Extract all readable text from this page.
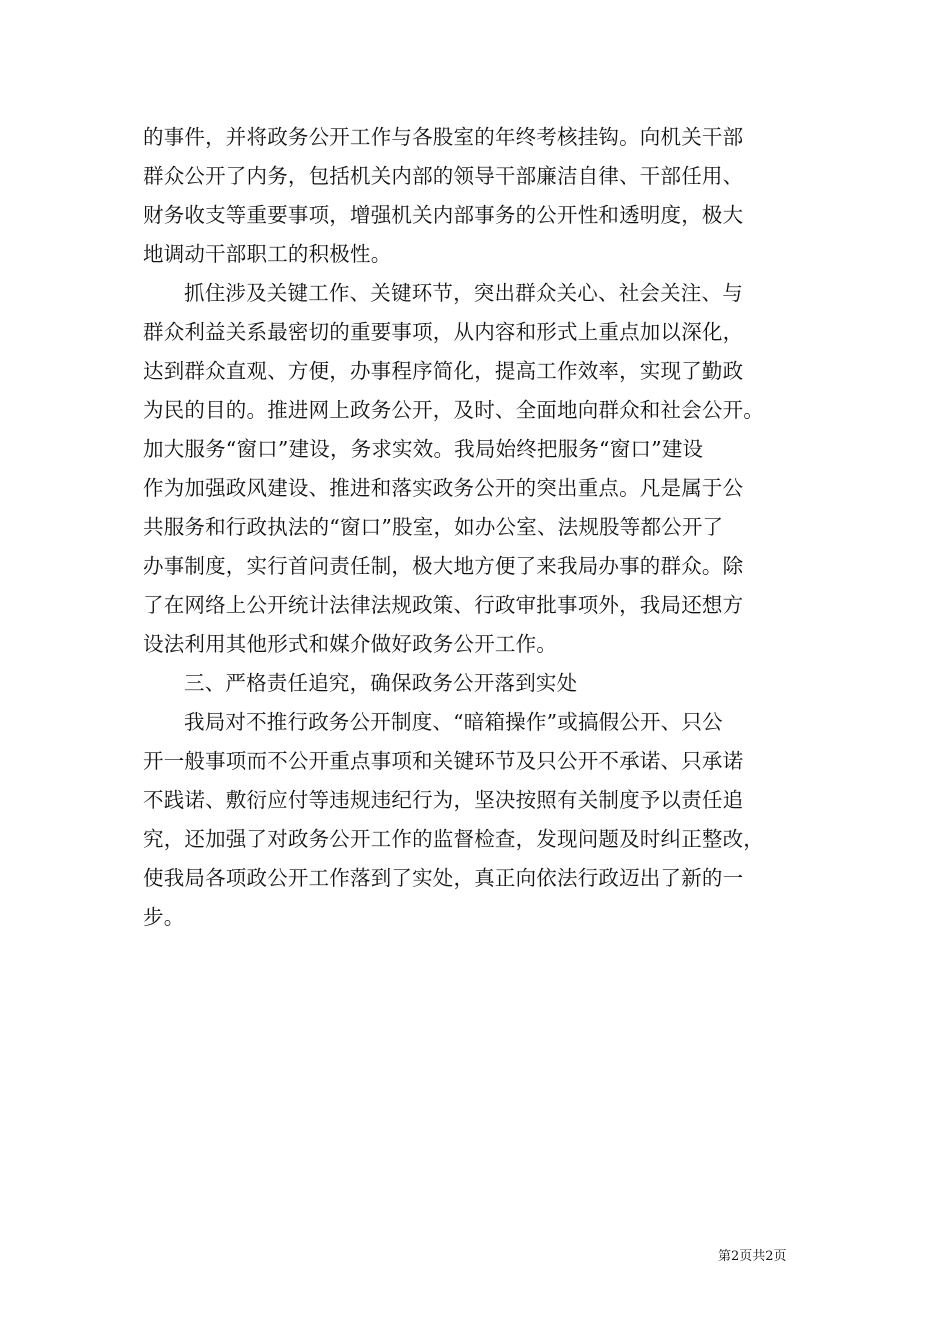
的事件，并将政务公开工作与各股室的年终考核挂钩。向机关干部
群众公开了内务，包括机关内部的领导干部廉洁自律、干部任用、
财务收支等重要事项，增强机关内部事务的公开性和透明度，极大
地调动干部职工的积极性。
抓住涉及关键工作、关键环节，突出群众关心、社会关注、与
群众利益关系最密切的重要事项，从内容和形式上重点加以深化，
达到群众直观、方便，办事程序简化，提高工作效率，实现了勤政
为民的目的。推进网上政务公开，及时、全面地向群众和社会公开。
加大服务“窗口”建设，务求实效。我局始终把服务“窗口”建设
作为加强政风建设、推进和落实政务公开的突出重点。凡是属于公
共服务和行政执法的“窗口”股室，如办公室、法规股等都公开了
办事制度，实行首问责任制，极大地方便了来我局办事的群众。除
了在网络上公开统计法律法规政策、行政审批事项外，我局还想方
设法利用其他形式和媒介做好政务公开工作。
三、严格责任追究，确保政务公开落到实处
我局对不推行政务公开制度、“暗箱操作”或搞假公开、只公
开一般事项而不公开重点事项和关键环节及只公开不承诺、只承诺
不践诺、敷衍应付等违规违纪行为，坚决按照有关制度予以责任追
究，还加强了对政务公开工作的监督检查，发现问题及时纠正整改，
使我局各项政公开工作落到了实处，真正向依法行政迈出了新的一
步。
第2页共2页
